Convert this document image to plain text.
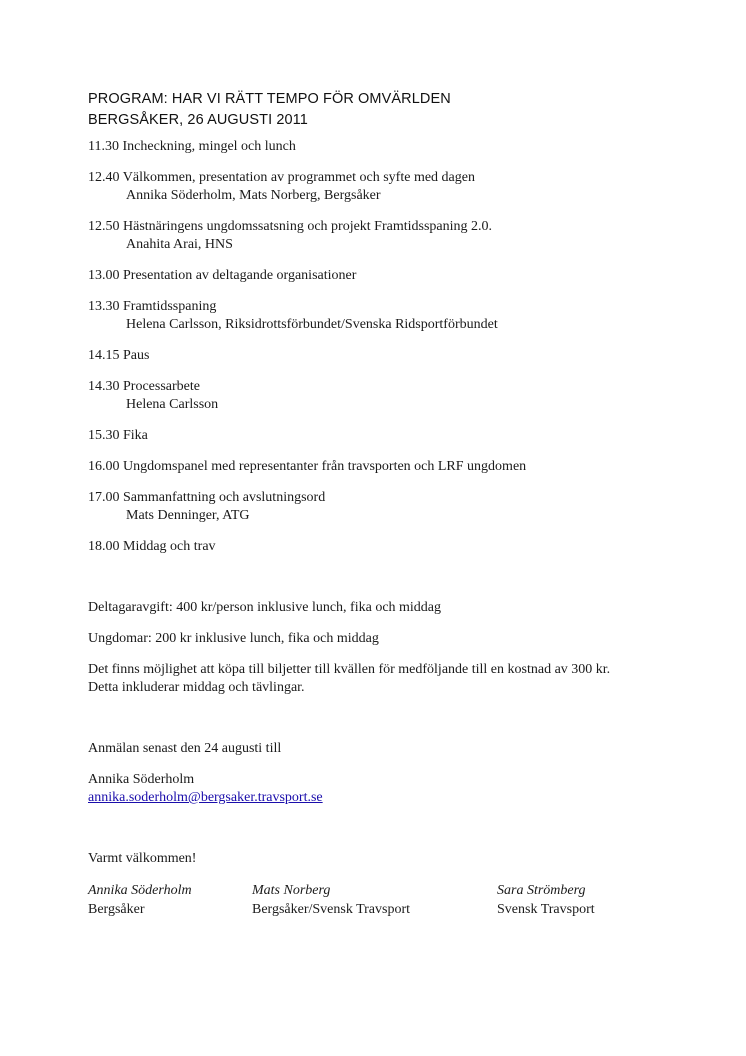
PROGRAM: HAR VI RÄTT TEMPO FÖR OMVÄRLDEN
BERGSÅKER, 26 AUGUSTI 2011
11.30 Incheckning, mingel och lunch
12.40 Välkommen, presentation av programmet och syfte med dagen
Annika Söderholm, Mats Norberg, Bergsåker
12.50 Hästnäringens ungdomssatsning och projekt Framtidsspaning 2.0.
Anahita Arai, HNS
13.00 Presentation av deltagande organisationer
13.30 Framtidsspaning
Helena Carlsson, Riksidrottsförbundet/Svenska Ridsportförbundet
14.15 Paus
14.30 Processarbete
Helena Carlsson
15.30 Fika
16.00 Ungdomspanel med representanter från travsporten och LRF ungdomen
17.00 Sammanfattning och avslutningsord
Mats Denninger, ATG
18.00 Middag och trav
Deltagaravgift: 400 kr/person inklusive lunch, fika och middag
Ungdomar: 200 kr inklusive lunch, fika och middag
Det finns möjlighet att köpa till biljetter till kvällen för medföljande till en kostnad av 300 kr.
Detta inkluderar middag och tävlingar.
Anmälan senast den 24 augusti till
Annika Söderholm
annika.soderholm@bergsaker.travsport.se
Varmt välkommen!
Annika Söderholm
Bergsåker
Mats Norberg
Bergsåker/Svensk Travsport
Sara Strömberg
Svensk Travsport
